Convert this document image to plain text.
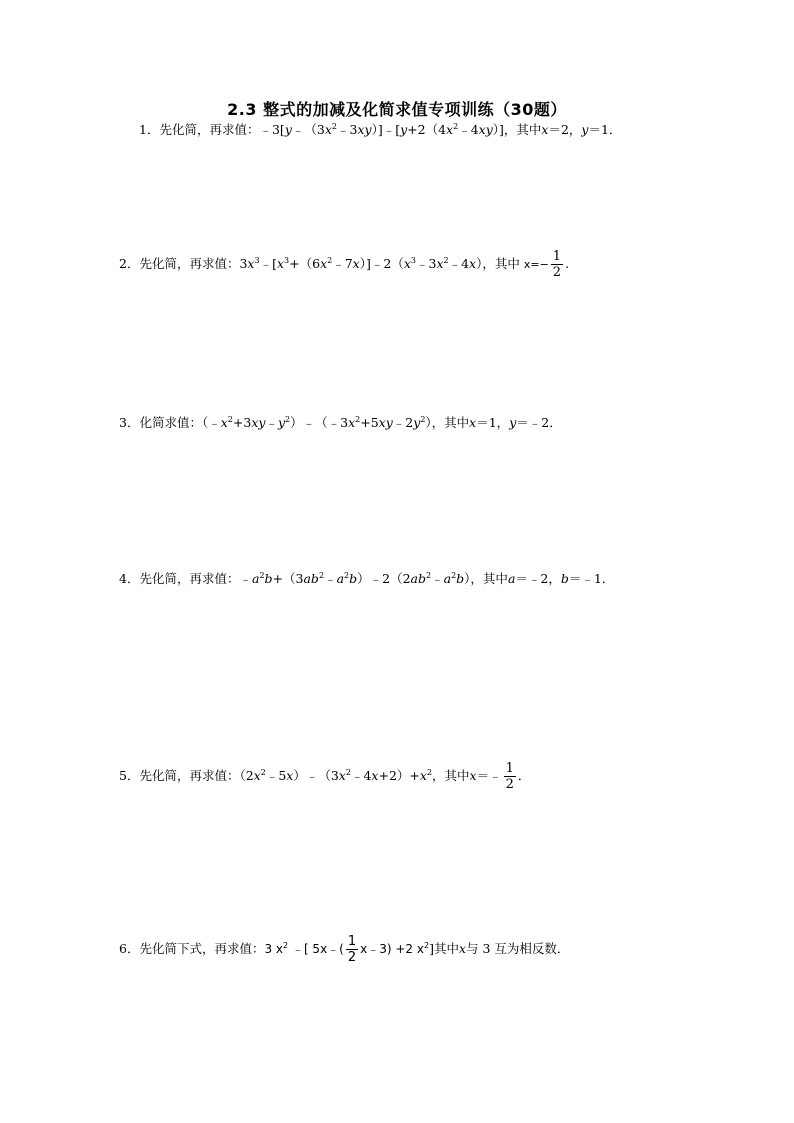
2.3 整式的加减及化简求值专项训练（30题）
1．先化简，再求值：$﹣3[y﹣(3x^2﹣3xy)]﹣[y+2(4x^2﹣4xy)]$，其中x＝2，y＝1．
2．先化简，再求值：$3x^3﹣[x^3+(6x^2﹣7x)]﹣2(x^3﹣3x^2﹣4x)$，其中 $x=- \frac{1}{2}$ .
3．化简求值：$(﹣x^2+3xy﹣y^2)﹣(﹣3x^2+5xy﹣2y^2)$，其中x＝1，y＝﹣2．
4．先化简，再求值：$﹣a^2b+(3ab^2﹣a^2b)﹣2(2ab^2﹣a^2b)$，其中a＝﹣2，b＝﹣1．
5．先化简，再求值：$(2x^2﹣5x)﹣(3x^2﹣4x+2)+x^2$，其中x＝﹣ $\frac{1}{2}$ ．
6．先化简下式，再求值：3 $x^2$ ﹣[ 5x﹣( $\frac{1}{2}$ x﹣3) +2 $x^2$]其中x与 3 互为相反数．
